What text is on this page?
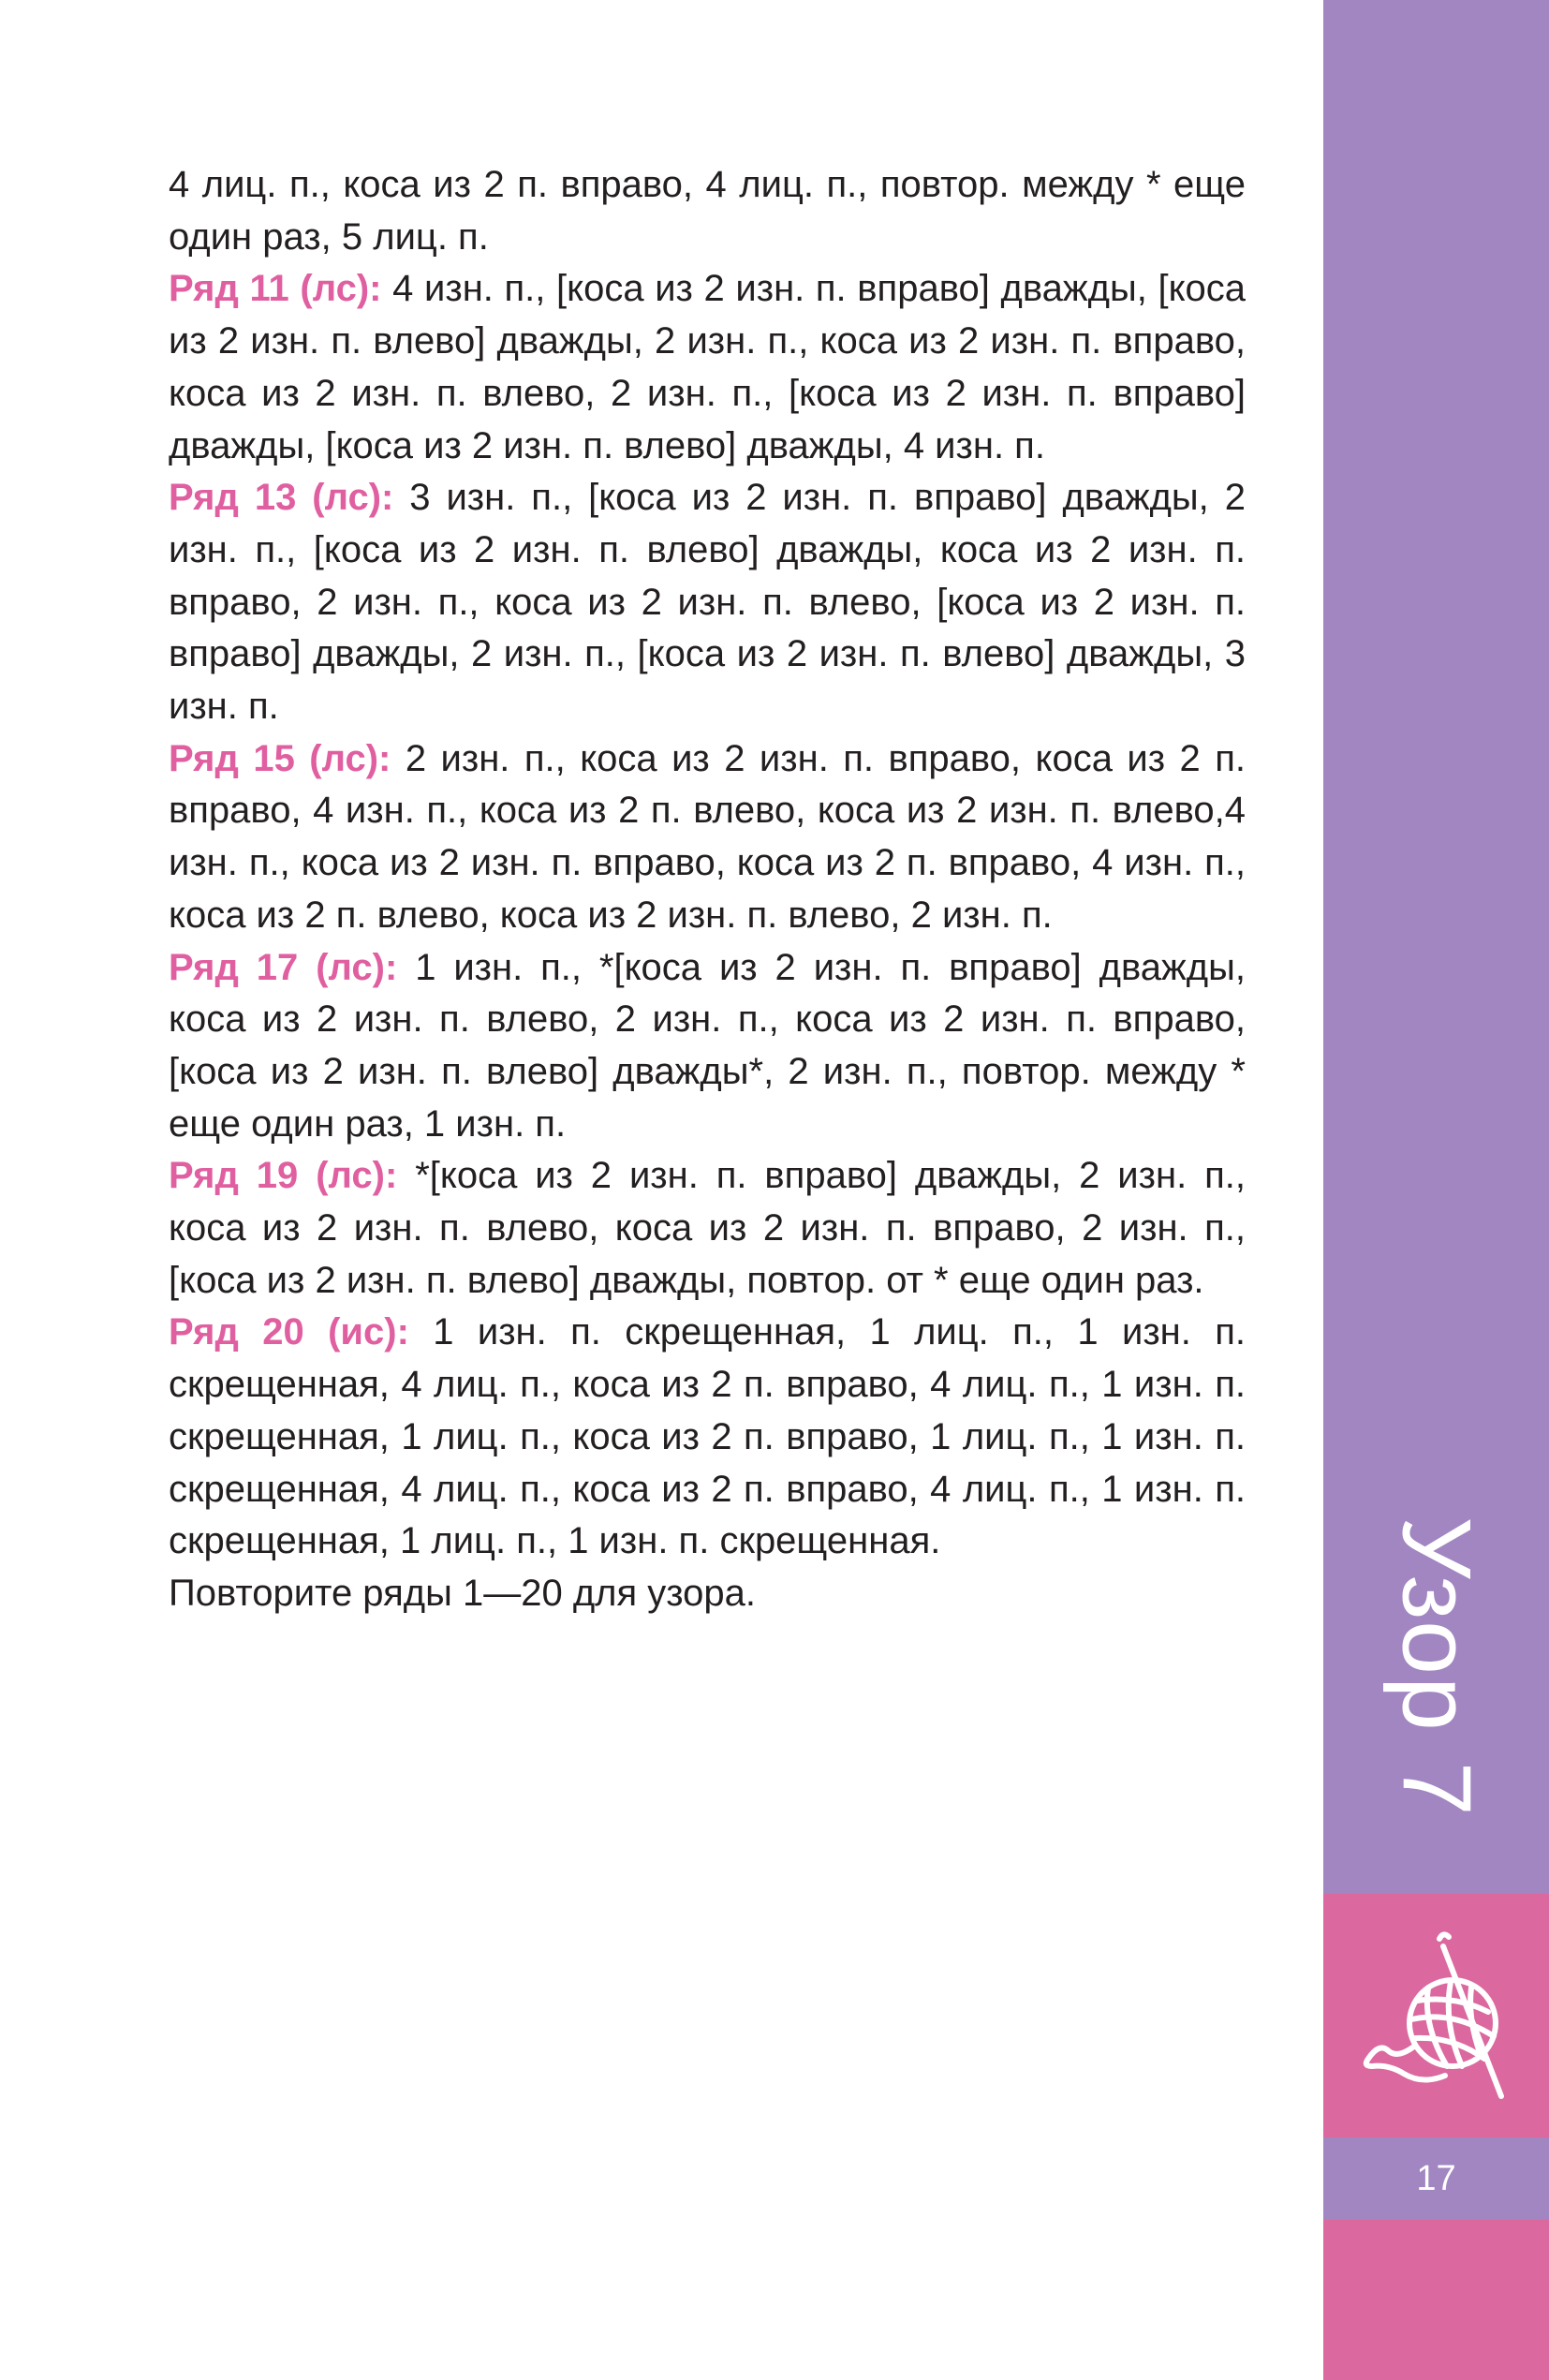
4 лиц. п., коса из 2 п. вправо, 4 лиц. п., повтор. между * еще один раз, 5 лиц. п.

Ряд 11 (лс): 4 изн. п., [коса из 2 изн. п. вправо] дважды, [коса из 2 изн. п. влево] дважды, 2 изн. п., коса из 2 изн. п. вправо, коса из 2 изн. п. влево, 2 изн. п., [коса из 2 изн. п. вправо] дважды, [коса из 2 изн. п. влево] дважды, 4 изн. п.

Ряд 13 (лс): 3 изн. п., [коса из 2 изн. п. вправо] дважды, 2 изн. п., [коса из 2 изн. п. влево] дважды, коса из 2 изн. п. вправо, 2 изн. п., коса из 2 изн. п. влево, [коса из 2 изн. п. вправо] дважды, 2 изн. п., [коса из 2 изн. п. влево] дважды, 3 изн. п.

Ряд 15 (лс): 2 изн. п., коса из 2 изн. п. вправо, коса из 2 п. вправо, 4 изн. п., коса из 2 п. влево, коса из 2 изн. п. влево,4 изн. п., коса из 2 изн. п. вправо, коса из 2 п. вправо, 4 изн. п., коса из 2 п. влево, коса из 2 изн. п. влево, 2 изн. п.

Ряд 17 (лс): 1 изн. п., *[коса из 2 изн. п. вправо] дважды, коса из 2 изн. п. влево, 2 изн. п., коса из 2 изн. п. вправо, [коса из 2 изн. п. влево] дважды*, 2 изн. п., повтор. между * еще один раз, 1 изн. п.

Ряд 19 (лс): *[коса из 2 изн. п. вправо] дважды, 2 изн. п., коса из 2 изн. п. влево, коса из 2 изн. п. вправо, 2 изн. п., [коса из 2 изн. п. влево] дважды, повтор. от * еще один раз.

Ряд 20 (ис): 1 изн. п. скрещенная, 1 лиц. п., 1 изн. п. скрещенная, 4 лиц. п., коса из 2 п. вправо, 4 лиц. п., 1 изн. п. скрещенная, 1 лиц. п., коса из 2 п. вправо, 1 лиц. п., 1 изн. п. скрещенная, 4 лиц. п., коса из 2 п. вправо, 4 лиц. п., 1 изн. п. скрещенная, 1 лиц. п., 1 изн. п. скрещенная.

Повторите ряды 1—20 для узора.	Узор 7
17
